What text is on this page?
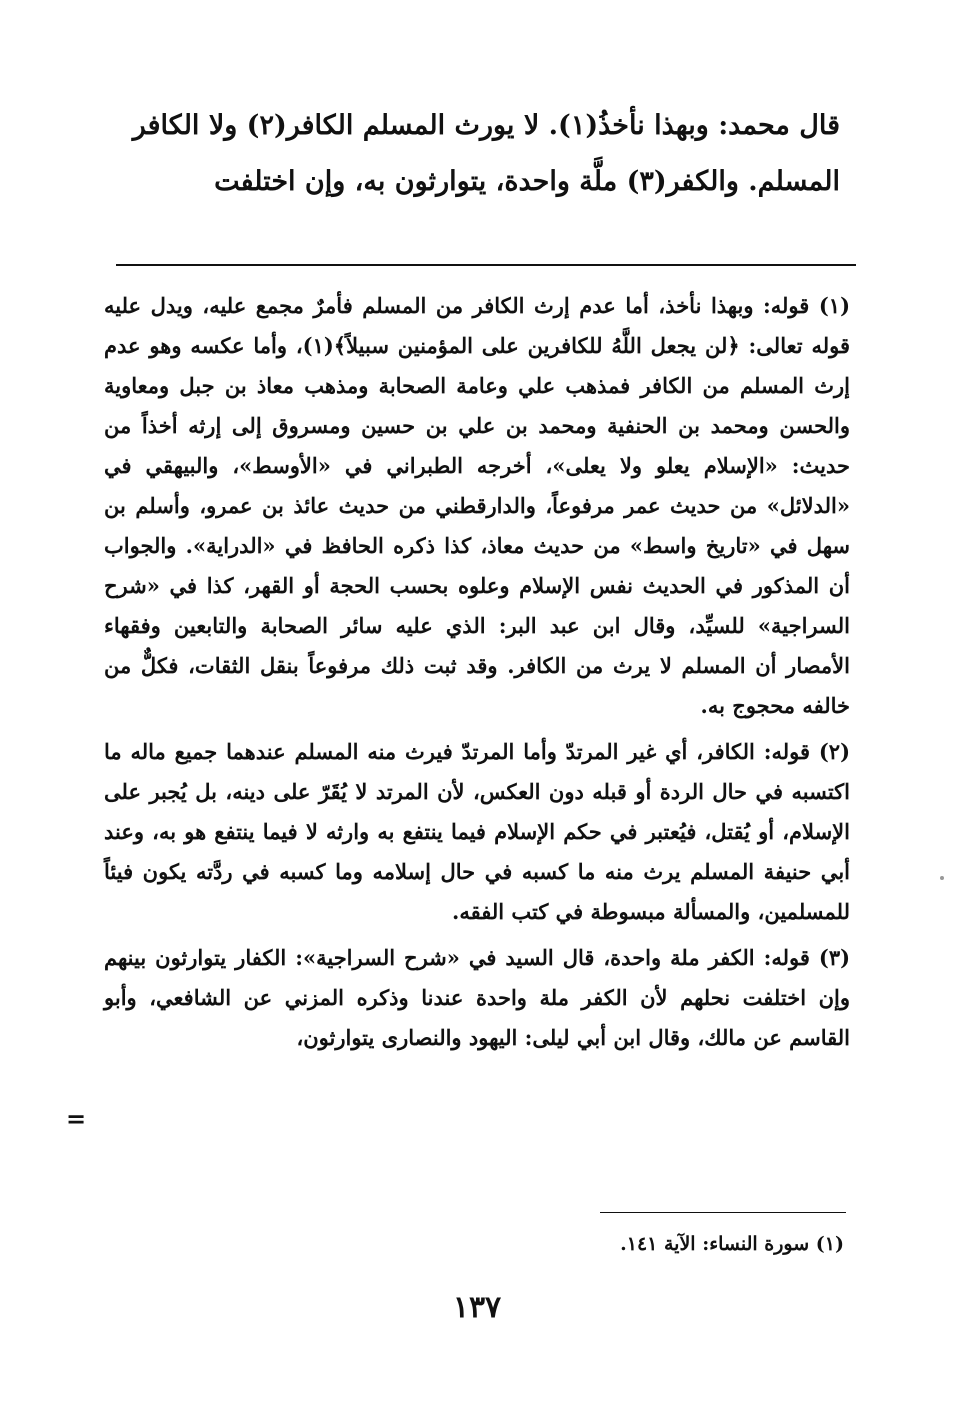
قال محمد: وبهذا نأخذُ(١). لا يورث المسلم الكافر(٢) ولا الكافر

المسلم. والكفر(٣) ملَّة واحدة، يتوارثون به، وإن اختلفت

(١) قوله: وبهذا نأخذ، أما عدم إرث الكافر من المسلم فأمرٌ مجمع عليه، ويدل عليه قوله تعالى: ﴿لن يجعل اللَّهُ للكافرين على المؤمنين سبيلاً﴾(١)، وأما عكسه وهو عدم إرث المسلم من الكافر فمذهب علي وعامة الصحابة ومذهب معاذ بن جبل ومعاوية والحسن ومحمد بن الحنفية ومحمد بن علي بن حسين ومسروق إلى إرثه أخذاً من حديث: «الإسلام يعلو ولا يعلى»، أخرجه الطبراني في «الأوسط»، والبيهقي في «الدلائل» من حديث عمر مرفوعاً، والدارقطني من حديث عائذ بن عمرو، وأسلم بن سهل في «تاريخ واسط» من حديث معاذ، كذا ذكره الحافظ في «الدراية». والجواب أن المذكور في الحديث نفس الإسلام وعلوه بحسب الحجة أو القهر، كذا في «شرح السراجية» للسيِّد، وقال ابن عبد البر: الذي عليه سائر الصحابة والتابعين وفقهاء الأمصار أن المسلم لا يرث من الكافر. وقد ثبت ذلك مرفوعاً بنقل الثقات، فكلٌّ من خالفه محجوج به.

(٢) قوله: الكافر، أي غير المرتدّ وأما المرتدّ فيرث منه المسلم عندهما جميع ماله ما اكتسبه في حال الردة أو قبله دون العكس، لأن المرتد لا يُقَرّ على دينه، بل يُجبر على الإسلام، أو يُقتل، فيُعتبر في حكم الإسلام فيما ينتفع به وارثه لا فيما ينتفع هو به، وعند أبي حنيفة المسلم يرث منه ما كسبه في حال إسلامه وما كسبه في ردَّته يكون فيئاً للمسلمين، والمسألة مبسوطة في كتب الفقه.

(٣) قوله: الكفر ملة واحدة، قال السيد في «شرح السراجية»: الكفار يتوارثون بينهم وإن اختلفت نحلهم لأن الكفر ملة واحدة عندنا وذكره المزني عن الشافعي، وأبو القاسم عن مالك، وقال ابن أبي ليلى: اليهود والنصارى يتوارثون،

=
(١) سورة النساء: الآية ١٤١.
١٣٧
